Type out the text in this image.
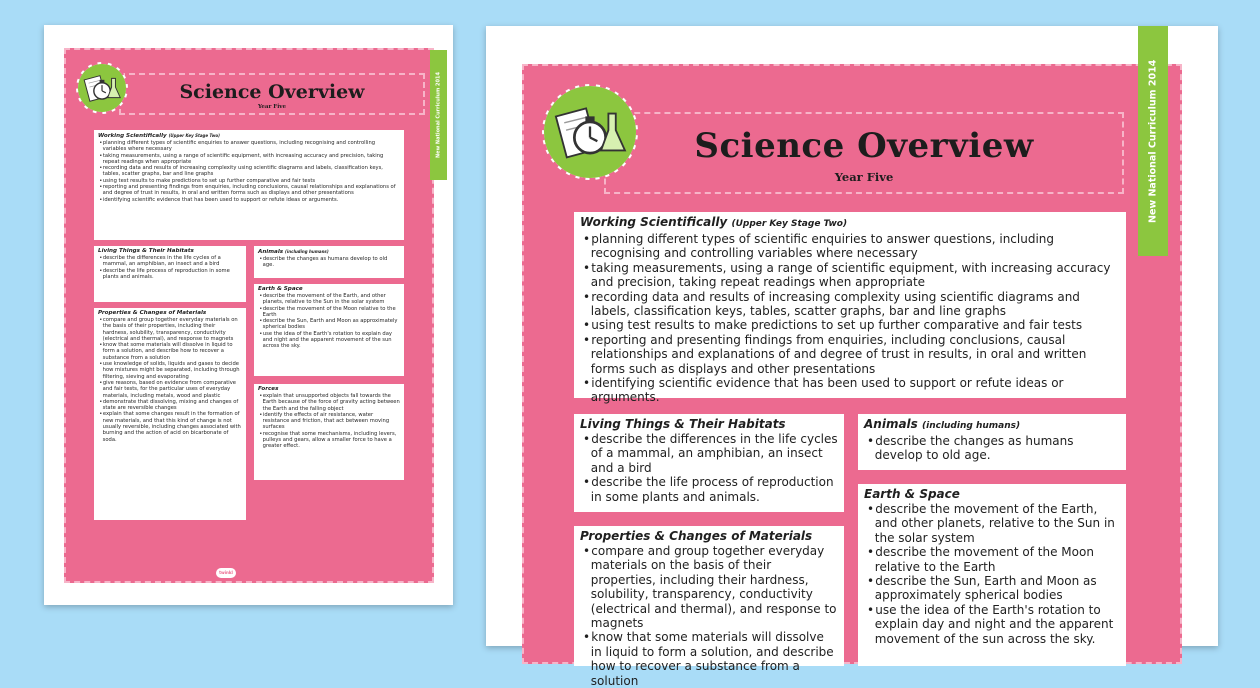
Science Overview
Year Five	New National Curriculum 2014
Working Scientifically (Upper Key Stage Two)
• planning different types of scientific enquiries to answer questions, including recognising and controlling variables where necessary
• taking measurements, using a range of scientific equipment, with increasing accuracy and precision, taking repeat readings when appropriate
• recording data and results of increasing complexity using scientific diagrams and labels, classification keys, tables, scatter graphs, bar and line graphs
• using test results to make predictions to set up further comparative and fair tests
• reporting and presenting findings from enquiries, including conclusions, causal relationships and explanations of and degree of trust in results, in oral and written forms such as displays and other presentations
• identifying scientific evidence that has been used to support or refute ideas or arguments.
Living Things & Their Habitats
• describe the differences in the life cycles of a mammal, an amphibian, an insect and a bird
• describe the life process of reproduction in some plants and animals.
Properties & Changes of Materials
• compare and group together everyday materials on the basis of their properties, including their hardness, solubility, transparency, conductivity (electrical and thermal), and response to magnets
• know that some materials will dissolve in liquid to form a solution, and describe how to recover a substance from a solution
• use knowledge of solids, liquids and gases to decide how mixtures might be separated, including through filtering, sieving and evaporating
• give reasons, based on evidence from comparative and fair tests, for the particular uses of everyday materials, including metals, wood and plastic
• demonstrate that dissolving, mixing and changes of state are reversible changes
• explain that some changes result in the formation of new materials, and that this kind of change is not usually reversible, including changes associated with burning and the action of acid on bicarbonate of soda.
Animals (including humans)
• describe the changes as humans develop to old age.
Earth & Space
• describe the movement of the Earth, and other planets, relative to the Sun in the solar system
• describe the movement of the Moon relative to the Earth
• describe the Sun, Earth and Moon as approximately spherical bodies
• use the idea of the Earth's rotation to explain day and night and the apparent movement of the sun across the sky.
Forces
• explain that unsupported objects fall towards the Earth because of the force of gravity acting between the Earth and the falling object
• identify the effects of air resistance, water resistance and friction, that act between moving surfaces
• recognise that some mechanisms, including levers, pulleys and gears, allow a smaller force to have a greater effect.
twinkl
Science Overview
Year Five
Working Scientifically (Upper Key Stage Two)
• planning different types of scientific enquiries to answer questions, including recognising and controlling variables where necessary
• taking measurements, using a range of scientific equipment, with increasing accuracy and precision, taking repeat readings when appropriate
• recording data and results of increasing complexity using scientific diagrams and labels, classification keys, tables, scatter graphs, bar and line graphs
• using test results to make predictions to set up further comparative and fair tests
• reporting and presenting findings from enquiries, including conclusions, causal relationships and explanations of and degree of trust in results, in oral and written forms such as displays and other presentations
• identifying scientific evidence that has been used to support or refute ideas or arguments.
Living Things & Their Habitats
• describe the differences in the life cycles of a mammal, an amphibian, an insect and a bird
• describe the life process of reproduction in some plants and animals.
Properties & Changes of Materials
• compare and group together everyday materials on the basis of their properties, including their hardness, solubility, transparency, conductivity (electrical and thermal), and response to magnets
• know that some materials will dissolve in liquid to form a solution, and describe how to recover a substance from a solution
Animals (including humans)
• describe the changes as humans develop to old age.
Earth & Space
• describe the movement of the Earth, and other planets, relative to the Sun in the solar system
• describe the movement of the Moon relative to the Earth
• describe the Sun, Earth and Moon as approximately spherical bodies
• use the idea of the Earth's rotation to explain day and night and the apparent movement of the sun across the sky.
New National Curriculum 2014
